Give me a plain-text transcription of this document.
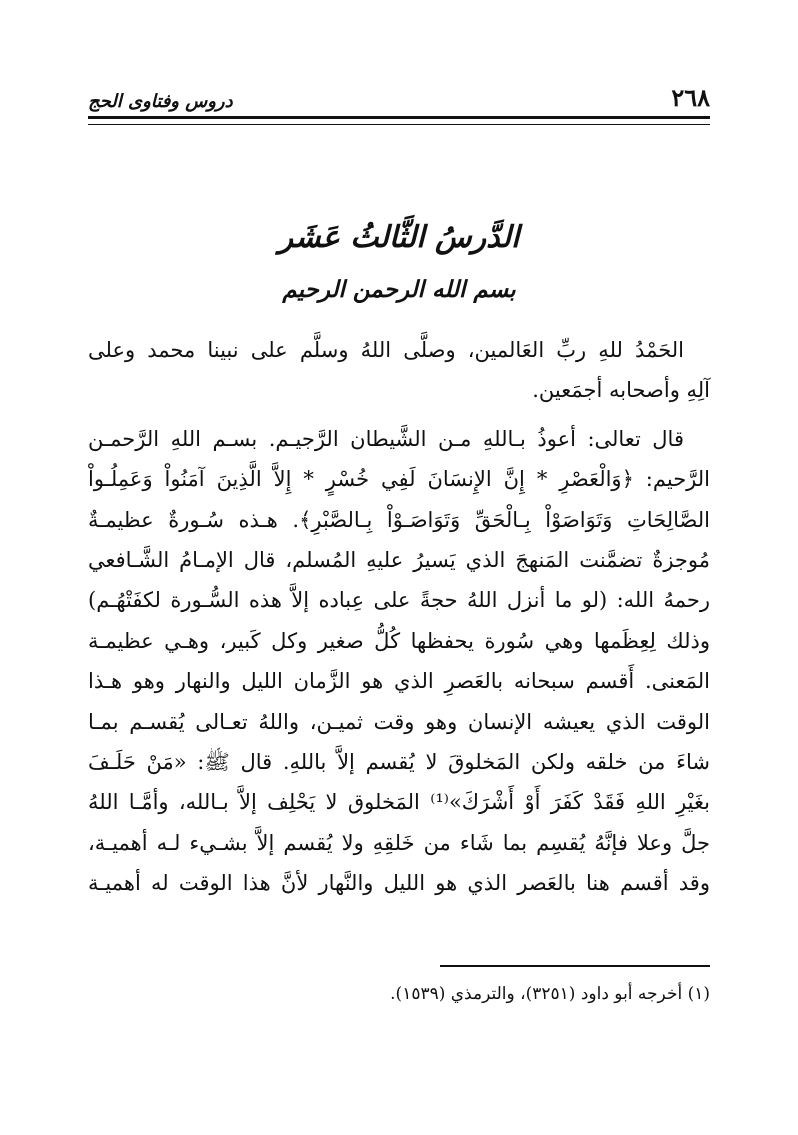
٢٦٨
دروس وفتاوى الحج
الدَّرسُ الثَّالثُ عَشَر
بسم الله الرحمن الرحيم
الحَمْدُ للهِ ربِّ العَالمين، وصلَّى اللهُ وسلَّم على نبينا محمد وعلى
آلِهِ وأصحابه أجمَعين.
قال تعالى: أعوذُ بـاللهِ مـن الشَّيطان الرَّجيـم. بسـم اللهِ الرَّحمـن
الرَّحيم: ﴿وَالْعَصْرِ * إِنَّ الإِنسَانَ لَفِي خُسْرٍ * إِلاَّ الَّذِينَ آمَنُواْ وَعَمِلُـواْ
الصَّالِحَاتِ وَتَوَاصَوْاْ بِـالْحَقِّ وَتَوَاصَـوْاْ بِـالصَّبْرِ﴾. هـذه سُـورةٌ عظيمـةٌ
مُوجزةٌ تضمَّنت المَنهجَ الذي يَسيرُ عليهِ المُسلم، قال الإمـامُ الشَّـافعي
رحمهُ الله: (لو ما أنزل اللهُ حجةً على عِباده إلاَّ هذه السُّـورة لكفَتْهُـم)
وذلك لِعِظَمها وهي سُورة يحفظها كُلُّ صغير وكل كَبير، وهـي عظيمـة
المَعنى. أَقسم سبحانه بالعَصرِ الذي هو الزَّمان الليل والنهار وهو هـذا
الوقت الذي يعيشه الإنسان وهو وقت ثميـن، واللهُ تعـالى يُقسـم بمـا
شاءَ من خلقه ولكن المَخلوقَ لا يُقسم إلاَّ باللهِ. قال ﷺ: «مَنْ حَلَـفَ
بغَيْرِ اللهِ فَقَدْ كَفَرَ أَوْ أَشْرَكَ»⁽¹⁾ المَخلوق لا يَحْلِف إلاَّ بـالله، وأمَّـا اللهُ
جلَّ وعلا فإنَّهُ يُقسِم بما شَاء من خَلقِهِ ولا يُقسم إلاَّ بشـيء لـه أهميـة،
وقد أقسم هنا بالعَصر الذي هو الليل والنَّهار لأنَّ هذا الوقت له أهميـة
(١) أخرجه أبو داود (٣٢٥١)، والترمذي (١٥٣٩).
